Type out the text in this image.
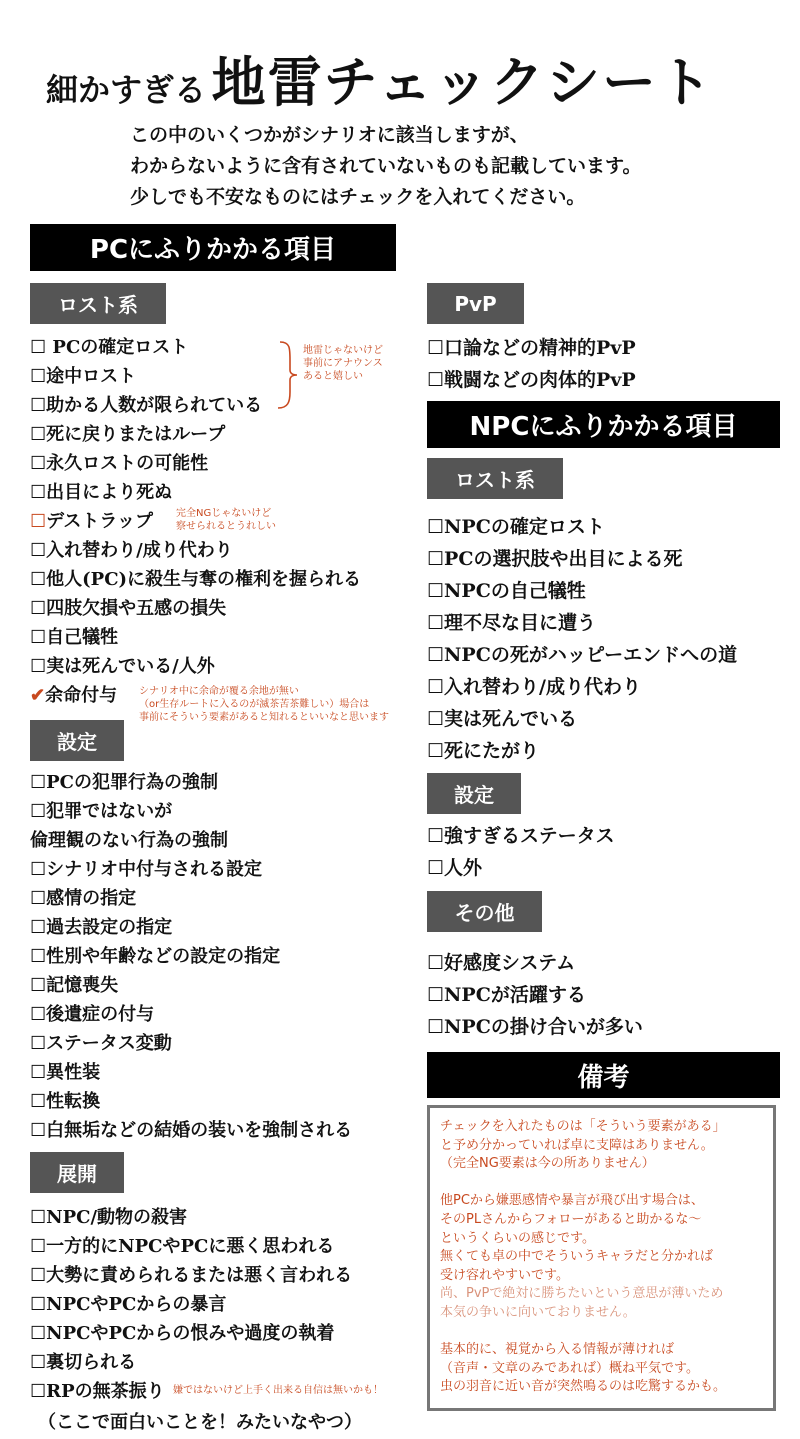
細かすぎる 地雷チェックシート
この中のいくつかがシナリオに該当しますが、
わからないように含有されていないものも記載しています。
少しでも不安なものにはチェックを入れてください。
PCにふりかかる項目
ロスト系
☐ PCの確定ロスト
☐途中ロスト
☐助かる人数が限られている
☐死に戻りまたはループ
☐永久ロストの可能性
☐出目により死ぬ
☐デストラップ
☐入れ替わり/成り代わり
☐他人(PC)に殺生与奪の権利を握られる
☐四肢欠損や五感の損失
☐自己犠牲
☐実は死んでいる/人外
✔余命付与
地雷じゃないけど
事前にアナウンス
あると嬉しい
完全NGじゃないけど
察せられるとうれしい
シナリオ中に余命が覆る余地が無い
（or生存ルートに入るのが滅茶苦茶難しい）場合は
事前にそういう要素があると知れるといいなと思います
設定
☐PCの犯罪行為の強制
☐犯罪ではないが
倫理観のない行為の強制
☐シナリオ中付与される設定
☐感情の指定
☐過去設定の指定
☐性別や年齢などの設定の指定
☐記憶喪失
☐後遺症の付与
☐ステータス変動
☐異性装
☐性転換
☐白無垢などの結婚の装いを強制される
展開
☐NPC/動物の殺害
☐一方的にNPCやPCに悪く思われる
☐大勢に責められるまたは悪く言われる
☐NPCやPCからの暴言
☐NPCやPCからの恨みや過度の執着
☐裏切られる
☐RPの無茶振り 嫌ではないけど上手く出来る自信は無いかも！
（ここで面白いことを！みたいなやつ）
PvP
☐口論などの精神的PvP
☐戦闘などの肉体的PvP
NPCにふりかかる項目
ロスト系
☐NPCの確定ロスト
☐PCの選択肢や出目による死
☐NPCの自己犠牲
☐理不尽な目に遭う
☐NPCの死がハッピーエンドへの道
☐入れ替わり/成り代わり
☐実は死んでいる
☐死にたがり
設定
☐強すぎるステータス
☐人外
その他
☐好感度システム
☐NPCが活躍する
☐NPCの掛け合いが多い
備考
チェックを入れたものは「そういう要素がある」
と予め分かっていれば卓に支障はありません。
（完全NG要素は今の所ありません）
他PCから嫌悪感情や暴言が飛び出す場合は、
そのPLさんからフォローがあると助かるな～
というくらいの感じです。
無くても卓の中でそういうキャラだと分かれば
受け容れやすいです。
尚、PvPで絶対に勝ちたいという意思が薄いため
本気の争いに向いておりません。
基本的に、視覚から入る情報が薄ければ
（音声・文章のみであれば）概ね平気です。
虫の羽音に近い音が突然鳴るのは吃驚するかも。
